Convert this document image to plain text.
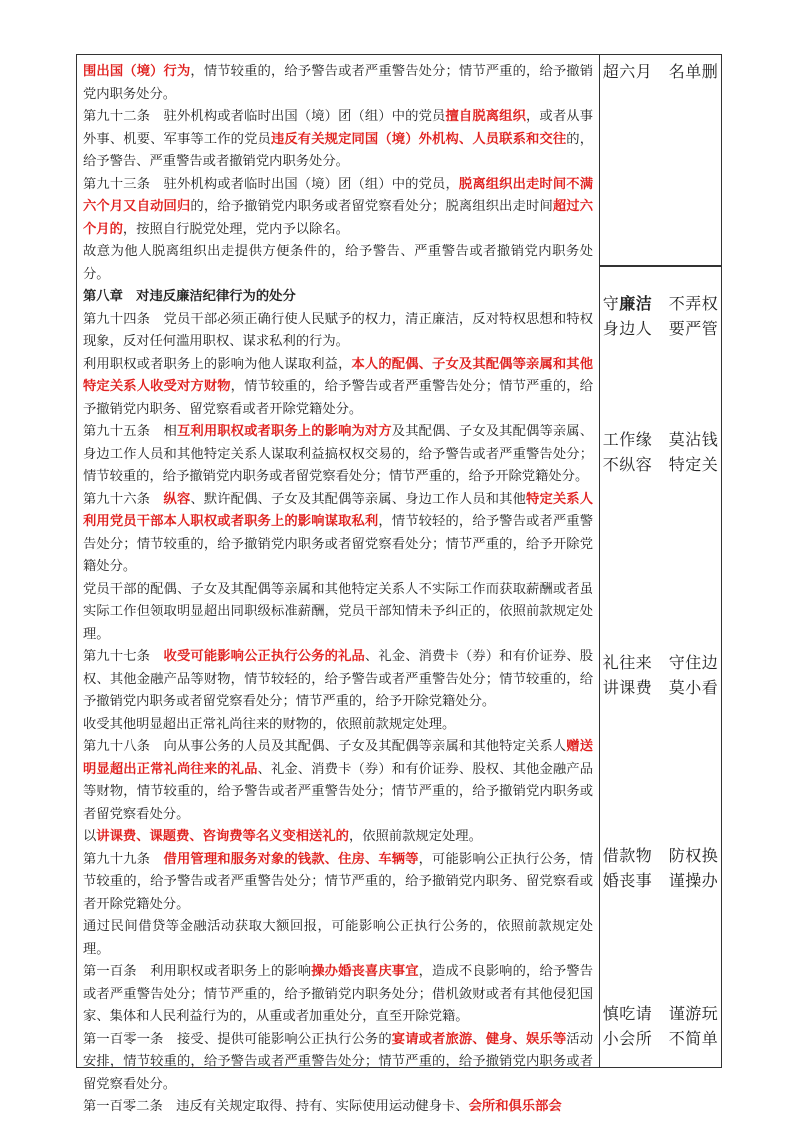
围出国（境）行为，情节较重的，给予警告或者严重警告处分；情节严重的，给予撤销党内职务处分。

第九十二条　驻外机构或者临时出国（境）团（组）中的党员擅自脱离组织，或者从事外事、机要、军事等工作的党员违反有关规定同国（境）外机构、人员联系和交往的，给予警告、严重警告或者撤销党内职务处分。

第九十三条　驻外机构或者临时出国（境）团（组）中的党员，脱离组织出走时间不满六个月又自动回归的，给予撤销党内职务或者留党察看处分；脱离组织出走时间超过六个月的，按照自行脱党处理，党内予以除名。

故意为他人脱离组织出走提供方便条件的，给予警告、严重警告或者撤销党内职务处分。

第八章　对违反廉洁纪律行为的处分

第九十四条　党员干部必须正确行使人民赋予的权力，清正廉洁，反对特权思想和特权现象，反对任何滥用职权、谋求私利的行为。

利用职权或者职务上的影响为他人谋取利益，本人的配偶、子女及其配偶等亲属和其他特定关系人收受对方财物，情节较重的，给予警告或者严重警告处分；情节严重的，给予撤销党内职务、留党察看或者开除党籍处分。

第九十五条　相互利用职权或者职务上的影响为对方及其配偶、子女及其配偶等亲属、身边工作人员和其他特定关系人谋取利益搞权权交易的，给予警告或者严重警告处分；情节较重的，给予撤销党内职务或者留党察看处分；情节严重的，给予开除党籍处分。

第九十六条　纵容、默许配偶、子女及其配偶等亲属、身边工作人员和其他特定关系人利用党员干部本人职权或者职务上的影响谋取私利，情节较轻的，给予警告或者严重警告处分；情节较重的，给予撤销党内职务或者留党察看处分；情节严重的，给予开除党籍处分。

党员干部的配偶、子女及其配偶等亲属和其他特定关系人不实际工作而获取薪酬或者虽实际工作但领取明显超出同职级标准薪酬，党员干部知情未予纠正的，依照前款规定处理。

第九十七条　收受可能影响公正执行公务的礼品、礼金、消费卡（券）和有价证券、股权、其他金融产品等财物，情节较轻的，给予警告或者严重警告处分；情节较重的，给予撤销党内职务或者留党察看处分；情节严重的，给予开除党籍处分。

收受其他明显超出正常礼尚往来的财物的，依照前款规定处理。

第九十八条　向从事公务的人员及其配偶、子女及其配偶等亲属和其他特定关系人赠送明显超出正常礼尚往来的礼品、礼金、消费卡（券）和有价证券、股权、其他金融产品等财物，情节较重的，给予警告或者严重警告处分；情节严重的，给予撤销党内职务或者留党察看处分。

以讲课费、课题费、咨询费等名义变相送礼的，依照前款规定处理。

第九十九条　借用管理和服务对象的钱款、住房、车辆等，可能影响公正执行公务，情节较重的，给予警告或者严重警告处分；情节严重的，给予撤销党内职务、留党察看或者开除党籍处分。

通过民间借贷等金融活动获取大额回报，可能影响公正执行公务的，依照前款规定处理。

第一百条　利用职权或者职务上的影响操办婚丧喜庆事宜，造成不良影响的，给予警告或者严重警告处分；情节严重的，给予撤销党内职务处分；借机敛财或者有其他侵犯国家、集体和人民利益行为的，从重或者加重处分，直至开除党籍。

第一百零一条　接受、提供可能影响公正执行公务的宴请或者旅游、健身、娱乐等活动安排，情节较重的，给予警告或者严重警告处分；情节严重的，给予撤销党内职务或者留党察看处分。

第一百零二条　违反有关规定取得、持有、实际使用运动健身卡、会所和俱乐部会

超六月　名单删
守廉洁　不弄权
身边人　要严管
工作缘　莫沾钱
不纵容　特定关
礼往来　守住边
讲课费　莫小看
借款物　防权换
婚丧事　谨操办
慎吃请　谨游玩
小会所　不简单
